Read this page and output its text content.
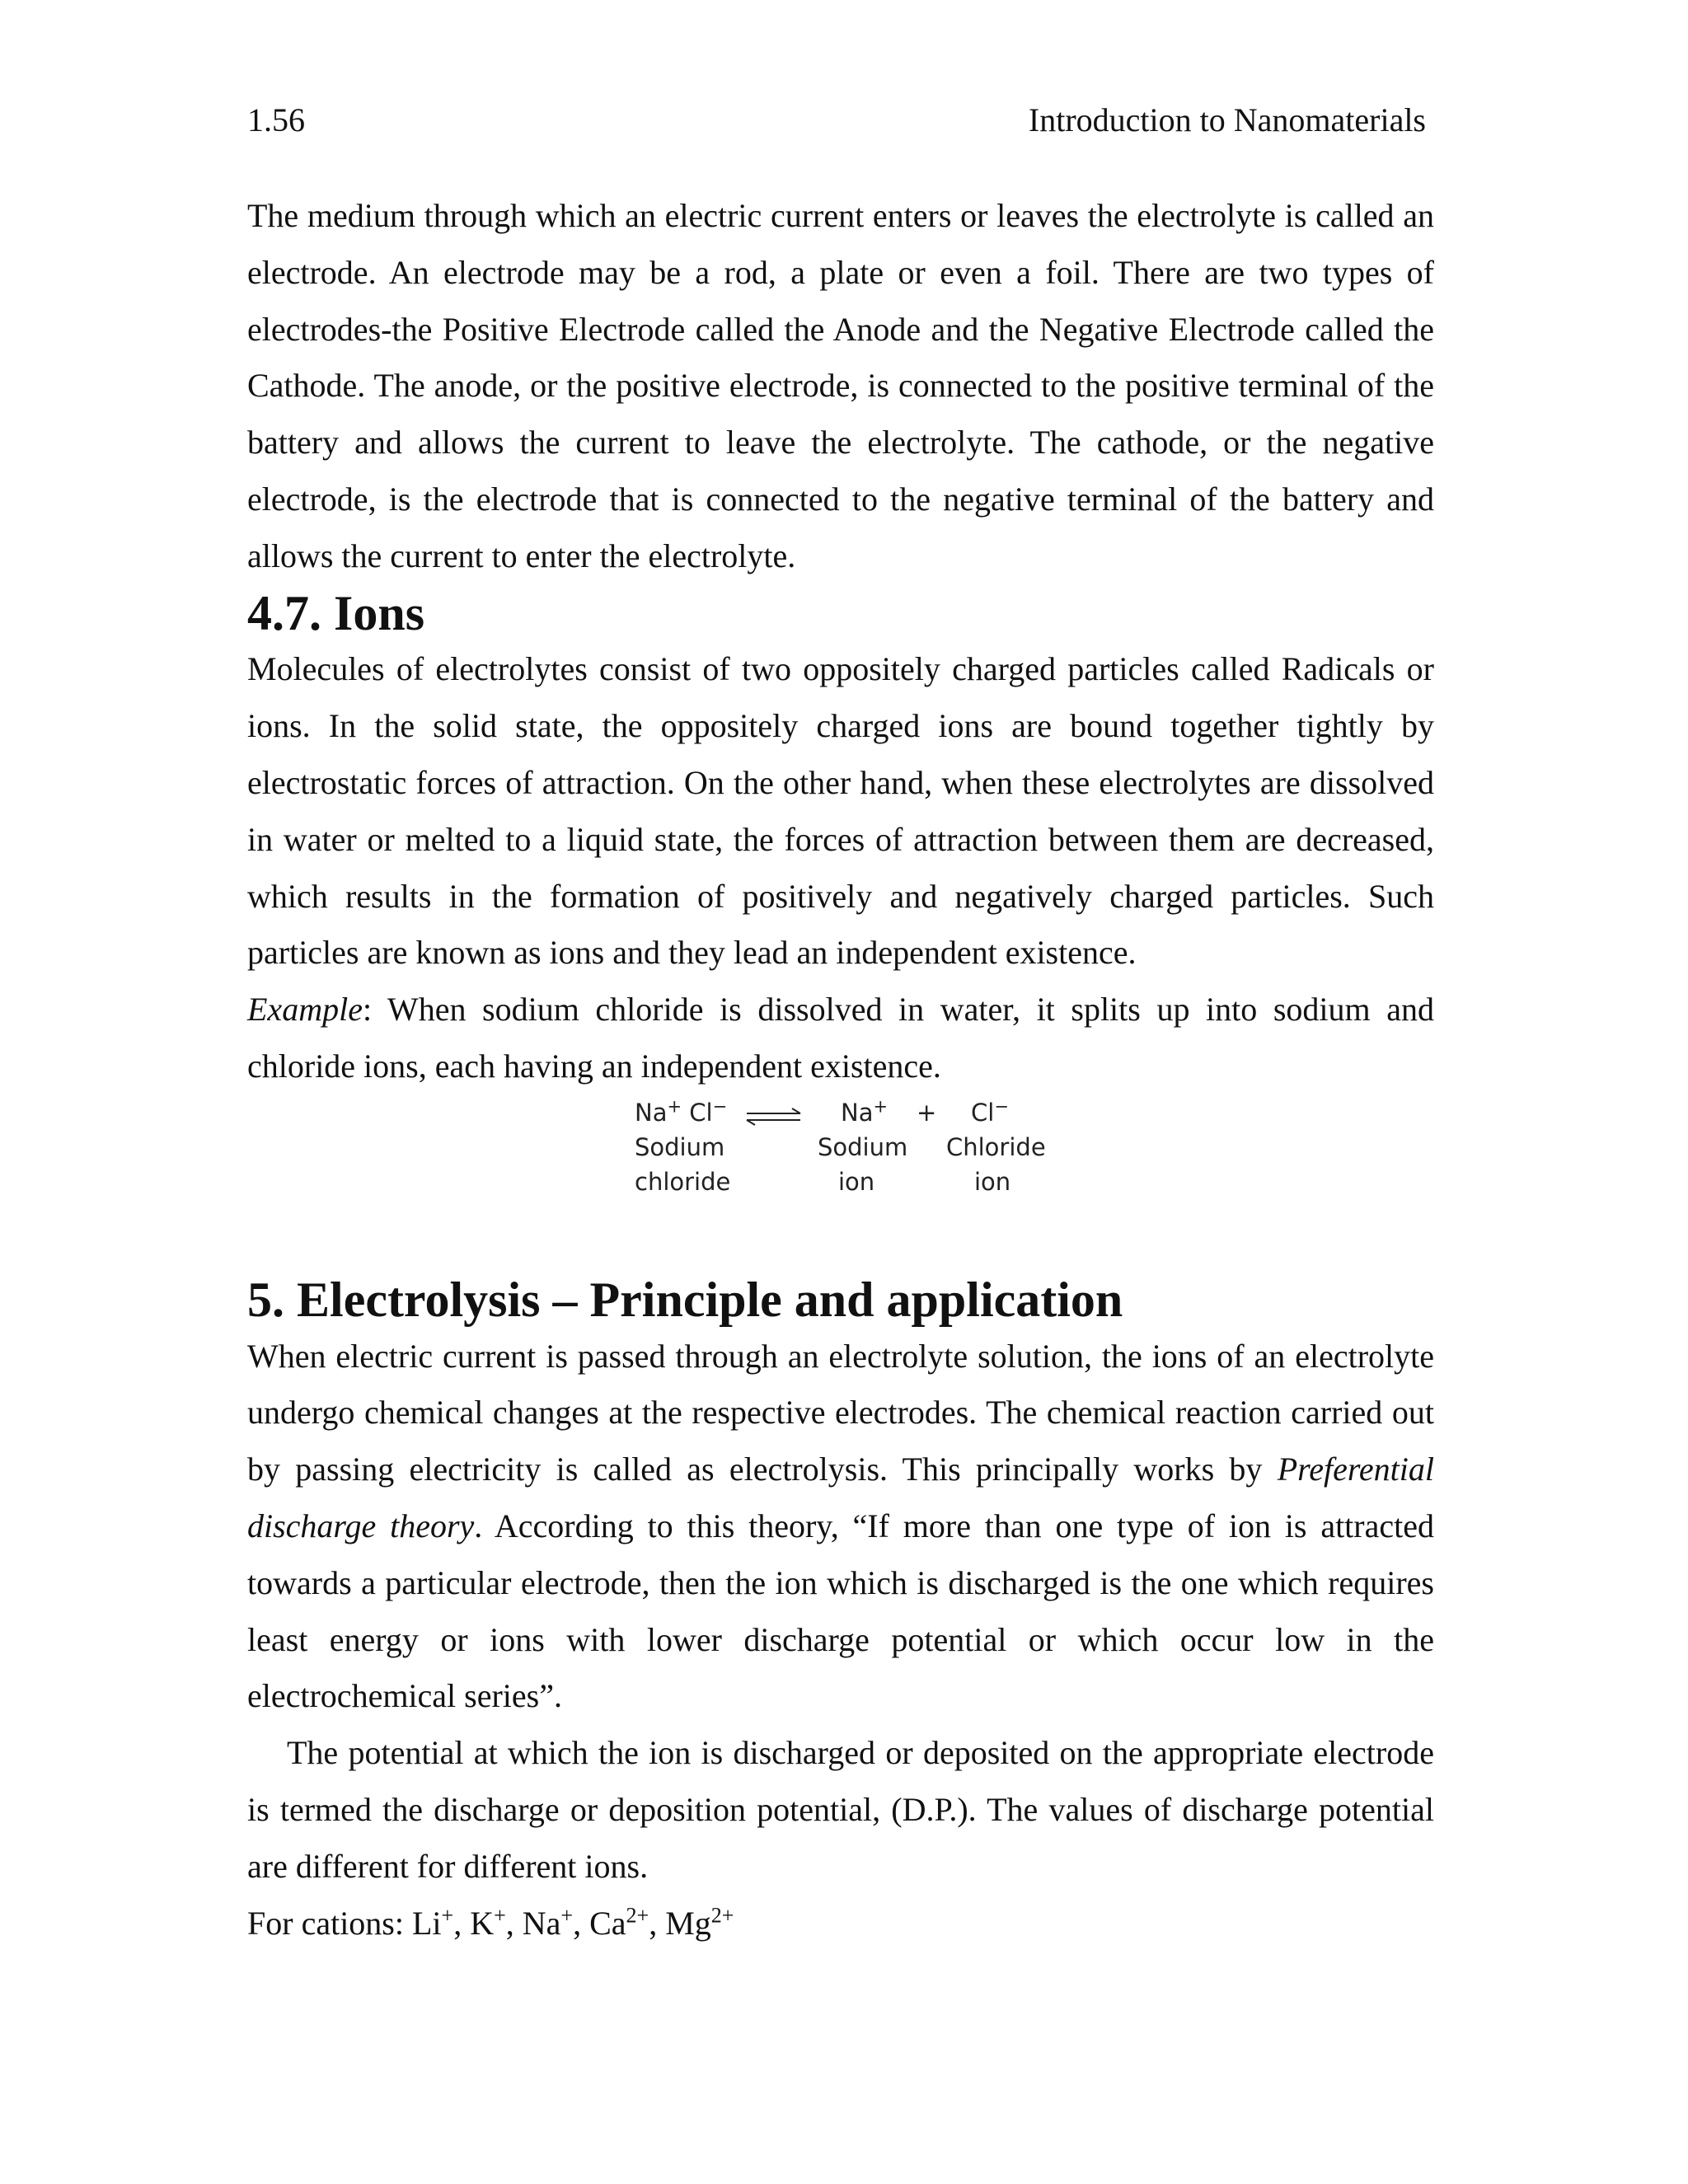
1.56	Introduction to Nanomaterials

The medium through which an electric current enters or leaves the electrolyte is called an electrode. An electrode may be a rod, a plate or even a foil. There are two types of electrodes-the Positive Electrode called the Anode and the Negative Electrode called the Cathode. The anode, or the positive electrode, is connected to the positive terminal of the battery and allows the current to leave the electrolyte. The cathode, or the negative electrode, is the electrode that is connected to the negative terminal of the battery and allows the current to enter the electrolyte.

4.7. Ions

Molecules of electrolytes consist of two oppositely charged particles called Radicals or ions. In the solid state, the oppositely charged ions are bound together tightly by electrostatic forces of attraction. On the other hand, when these electrolytes are dissolved in water or melted to a liquid state, the forces of attraction between them are decreased, which results in the formation of positively and negatively charged particles. Such particles are known as ions and they lead an independent existence.

Example: When sodium chloride is dissolved in water, it splits up into sodium and chloride ions, each having an independent existence.

Na+ Cl− ⇌ Na+ + Cl−
Sodium
chloride
Sodium
ion
Chloride
ion
5. Electrolysis – Principle and application

When electric current is passed through an electrolyte solution, the ions of an electrolyte undergo chemical changes at the respective electrodes. The chemical reaction carried out by passing electricity is called as electrolysis. This principally works by Preferential discharge theory. According to this theory, “If more than one type of ion is attracted towards a particular electrode, then the ion which is discharged is the one which requires least energy or ions with lower discharge potential or which occur low in the electrochemical series”.

The potential at which the ion is discharged or deposited on the appropriate electrode is termed the discharge or deposition potential, (D.P.). The values of discharge potential are different for different ions.

For cations: Li+, K+, Na+, $Ca^{2+}$, $Mg^{2+}$
